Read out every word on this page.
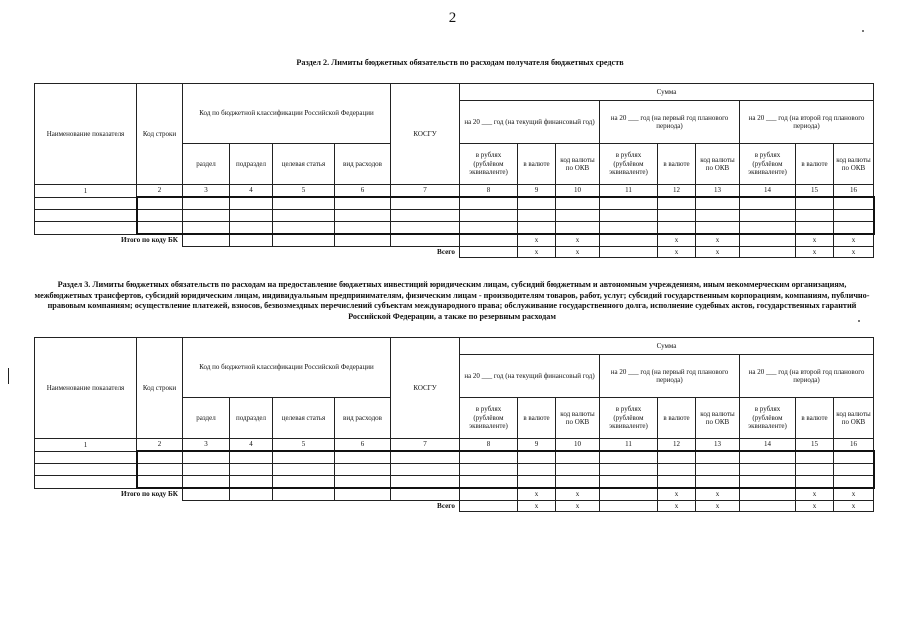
2
Раздел 2. Лимиты бюджетных обязательств по расходам получателя бюджетных средств
Раздел 3. Лимиты бюджетных обязательств по расходам на предоставление бюджетных инвестиций юридическим лицам, субсидий бюджетным и автономным учреждениям, иным некоммерческим организациям, межбюджетных трансфертов, субсидий юридическим лицам, индивидуальным предпринимателям, физическим лицам - производителям товаров, работ, услуг; субсидий государственным корпорациям, компаниям, публично-правовым компаниям; осуществление платежей, взносов, безвозмездных перечислений субъектам международного права; обслуживание государственного долга, исполнение судебных актов, государственных гарантий Российской Федерации, а также по резервным расходам
Наименование показателя	Код строки	Код по бюджетной классификации Российской Федерации				КОСГУ	Сумма								
							на 20 ___ год (на текущий финансовый год)			на 20 ___ год (на первый год планового периода)			на 20 ___ год (на второй год планового периода)		
		раздел	подраздел	целевая статья	вид расходов		в рублях (рублёвом эквиваленте)	в валюте	код валюты по ОКВ	в рублях (рублёвом эквиваленте)	в валюте	код валюты по ОКВ	в рублях (рублёвом эквиваленте)	в валюте	код валюты по ОКВ
1	2	3	4	5	6	7	8	9	10	11	12	13	14	15	16

Итого по коду БК								x	x		x	x		x	x
Всего								x	x		x	x		x	x
Наименование показателя	Код строки	Код по бюджетной классификации Российской Федерации				КОСГУ	Сумма								
							на 20 ___ год (на текущий финансовый год)			на 20 ___ год (на первый год планового периода)			на 20 ___ год (на второй год планового периода)		
		раздел	подраздел	целевая статья	вид расходов		в рублях (рублёвом эквиваленте)	в валюте	код валюты по ОКВ	в рублях (рублёвом эквиваленте)	в валюте	код валюты по ОКВ	в рублях (рублёвом эквиваленте)	в валюте	код валюты по ОКВ
1	2	3	4	5	6	7	8	9	10	11	12	13	14	15	16

Итого по коду БК								x	x		x	x		x	x
Всего								x	x		x	x		x	x
